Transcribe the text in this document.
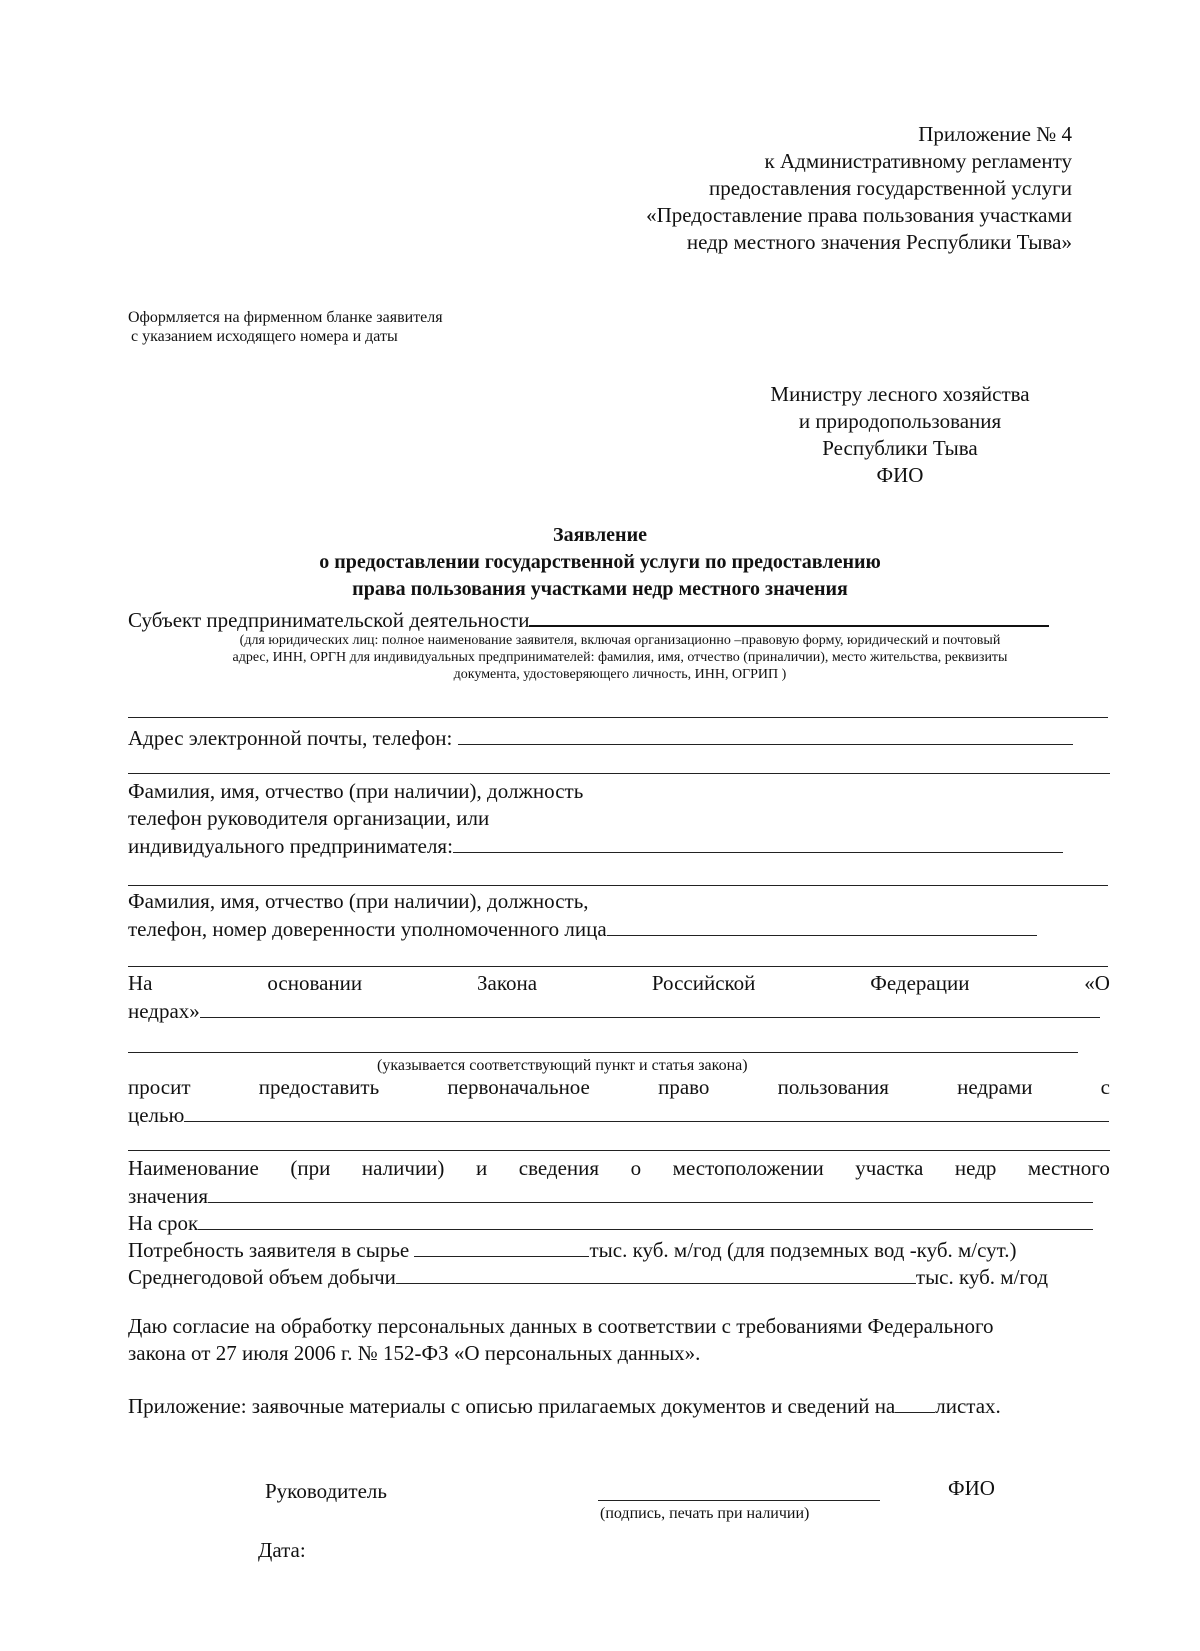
Приложение № 4
к Административному регламенту
предоставления государственной услуги
«Предоставление права пользования участками
недр местного значения Республики Тыва»
Оформляется на фирменном бланке заявителя
с указанием исходящего номера и даты
Министру лесного хозяйства
и природопользования
Республики Тыва
ФИО
Заявление
о предоставлении государственной услуги по предоставлению
права пользования участками недр местного значения
Субъект предпринимательской деятельности
(для юридических лиц: полное наименование заявителя, включая организационно –правовую форму, юридический и почтовый
адрес, ИНН, ОРГН для индивидуальных предпринимателей: фамилия, имя, отчество (приналичии), место жительства, реквизиты
документа, удостоверяющего личность, ИНН, ОГРИП )
Адрес электронной почты, телефон:
Фамилия, имя, отчество (при наличии), должность
телефон руководителя организации, или
индивидуального предпринимателя:
Фамилия, имя, отчество (при наличии), должность,
телефон, номер доверенности уполномоченного лица
На	основании	Закона	Российской	Федерации	«О
недрах»
(указывается соответствующий пункт и статья закона)
просит	предоставить	первоначальное	право	пользования	недрами	с
целью
Наименование (при наличии) и сведения о местоположении участка недр местного
значения
На срок
Потребность заявителя в сырье	тыс. куб. м/год (для подземных вод -куб. м/сут.)
Среднегодовой объем добычи	тыс. куб. м/год
Даю согласие на обработку персональных данных в соответствии с требованиями Федерального
закона от 27 июля 2006 г. № 152-ФЗ «О персональных данных».
Приложение: заявочные материалы с описью прилагаемых документов и сведений на листах.
Руководитель	ФИО
(подпись, печать при наличии)
Дата:
